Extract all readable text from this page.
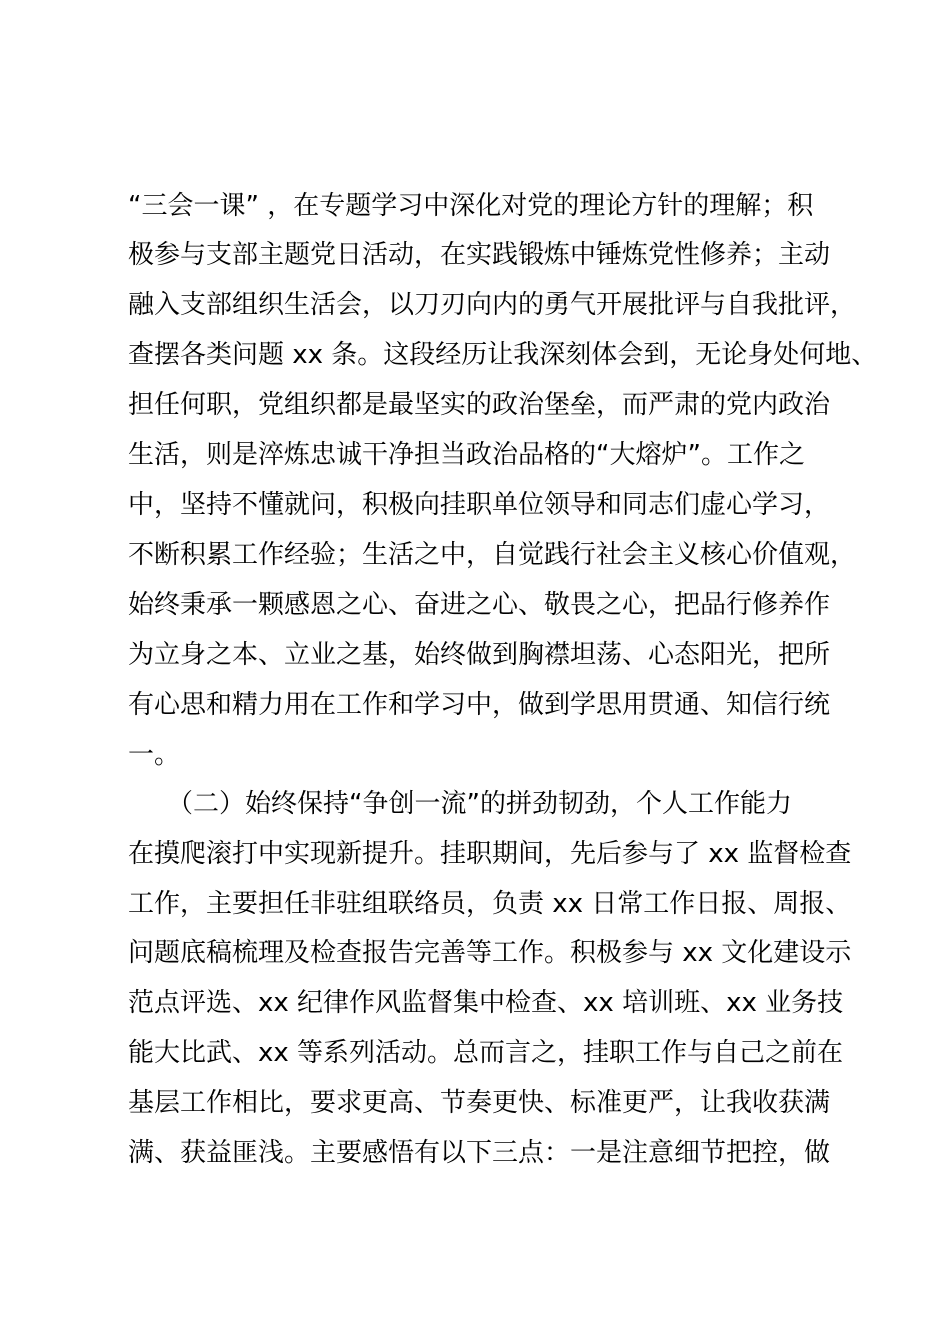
“三会一课” ，在专题学习中深化对党的理论方针的理解；积
极参与支部主题党日活动，在实践锻炼中锤炼党性修养；主动
融入支部组织生活会，以刀刃向内的勇气开展批评与自我批评，
查摆各类问题 xx 条。这段经历让我深刻体会到，无论身处何地、
担任何职，党组织都是最坚实的政治堡垒，而严肃的党内政治
生活，则是淬炼忠诚干净担当政治品格的“大熔炉”。工作之
中，坚持不懂就问，积极向挂职单位领导和同志们虚心学习，
不断积累工作经验；生活之中，自觉践行社会主义核心价值观，
始终秉承一颗感恩之心、奋进之心、敬畏之心，把品行修养作
为立身之本、立业之基，始终做到胸襟坦荡、心态阳光，把所
有心思和精力用在工作和学习中，做到学思用贯通、知信行统
一。
　　（二）始终保持“争创一流”的拼劲韧劲，个人工作能力
在摸爬滚打中实现新提升。挂职期间，先后参与了 xx 监督检查
工作，主要担任非驻组联络员，负责 xx 日常工作日报、周报、
问题底稿梳理及检查报告完善等工作。积极参与 xx 文化建设示
范点评选、xx 纪律作风监督集中检查、xx 培训班、xx 业务技
能大比武、xx 等系列活动。总而言之，挂职工作与自己之前在
基层工作相比，要求更高、节奏更快、标准更严，让我收获满
满、获益匪浅。主要感悟有以下三点：一是注意细节把控，做
